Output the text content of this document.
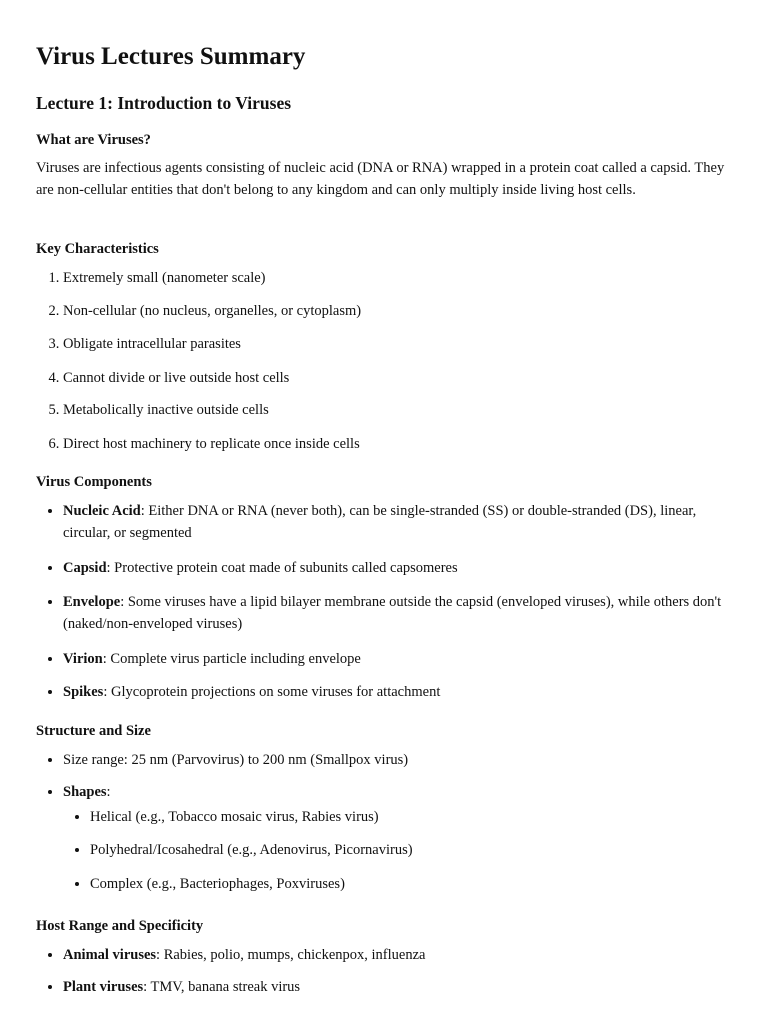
Virus Lectures Summary
Lecture 1: Introduction to Viruses
What are Viruses?

Viruses are infectious agents consisting of nucleic acid (DNA or RNA) wrapped in a protein coat called a capsid. They are non-cellular entities that don't belong to any kingdom and can only multiply inside living host cells.

Key Characteristics
1. Extremely small (nanometer scale)
2. Non-cellular (no nucleus, organelles, or cytoplasm)
3. Obligate intracellular parasites
4. Cannot divide or live outside host cells
5. Metabolically inactive outside cells
6. Direct host machinery to replicate once inside cells
Virus Components
• Nucleic Acid: Either DNA or RNA (never both), can be single-stranded (SS) or double-stranded (DS), linear, circular, or segmented
• Capsid: Protective protein coat made of subunits called capsomeres
• Envelope: Some viruses have a lipid bilayer membrane outside the capsid (enveloped viruses), while others don't (naked/non-enveloped viruses)
• Virion: Complete virus particle including envelope
• Spikes: Glycoprotein projections on some viruses for attachment
Structure and Size
• Size range: 25 nm (Parvovirus) to 200 nm (Smallpox virus)
• Shapes:
• Helical (e.g., Tobacco mosaic virus, Rabies virus)
• Polyhedral/Icosahedral (e.g., Adenovirus, Picornavirus)
• Complex (e.g., Bacteriophages, Poxviruses)
Host Range and Specificity
• Animal viruses: Rabies, polio, mumps, chickenpox, influenza
• Plant viruses: TMV, banana streak virus
